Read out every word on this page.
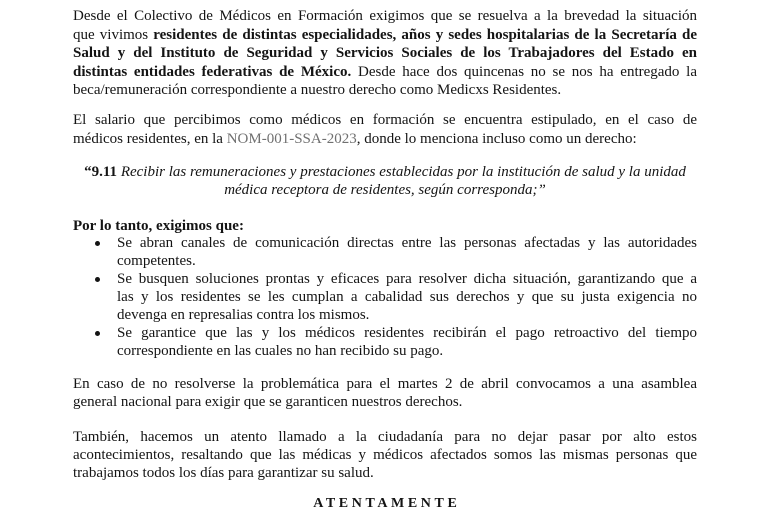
Desde el Colectivo de Médicos en Formación exigimos que se resuelva a la brevedad la situación
que vivimos residentes de distintas especialidades, años y sedes hospitalarias de la Secretaría de
Salud y del Instituto de Seguridad y Servicios Sociales de los Trabajadores del Estado en
distintas entidades federativas de México. Desde hace dos quincenas no se nos ha entregado la
beca/remuneración correspondiente a nuestro derecho como Medicxs Residentes.
El salario que percibimos como médicos en formación se encuentra estipulado, en el caso de
médicos residentes, en la NOM-001-SSA-2023, donde lo menciona incluso como un derecho:
“9.11 Recibir las remuneraciones y prestaciones establecidas por la institución de salud y la unidad
médica receptora de residentes, según corresponda;”
Por lo tanto, exigimos que:
Se abran canales de comunicación directas entre las personas afectadas y las autoridades
competentes.
Se busquen soluciones prontas y eficaces para resolver dicha situación, garantizando que a
las y los residentes se les cumplan a cabalidad sus derechos y que su justa exigencia no
devenga en represalias contra los mismos.
Se garantice que las y los médicos residentes recibirán el pago retroactivo del tiempo
correspondiente en las cuales no han recibido su pago.
En caso de no resolverse la problemática para el martes 2 de abril convocamos a una asamblea
general nacional para exigir que se garanticen nuestros derechos.
También, hacemos un atento llamado a la ciudadanía para no dejar pasar por alto estos
acontecimientos, resaltando que las médicas y médicos afectados somos las mismas personas que
trabajamos todos los días para garantizar su salud.
ATENTAMENTE
